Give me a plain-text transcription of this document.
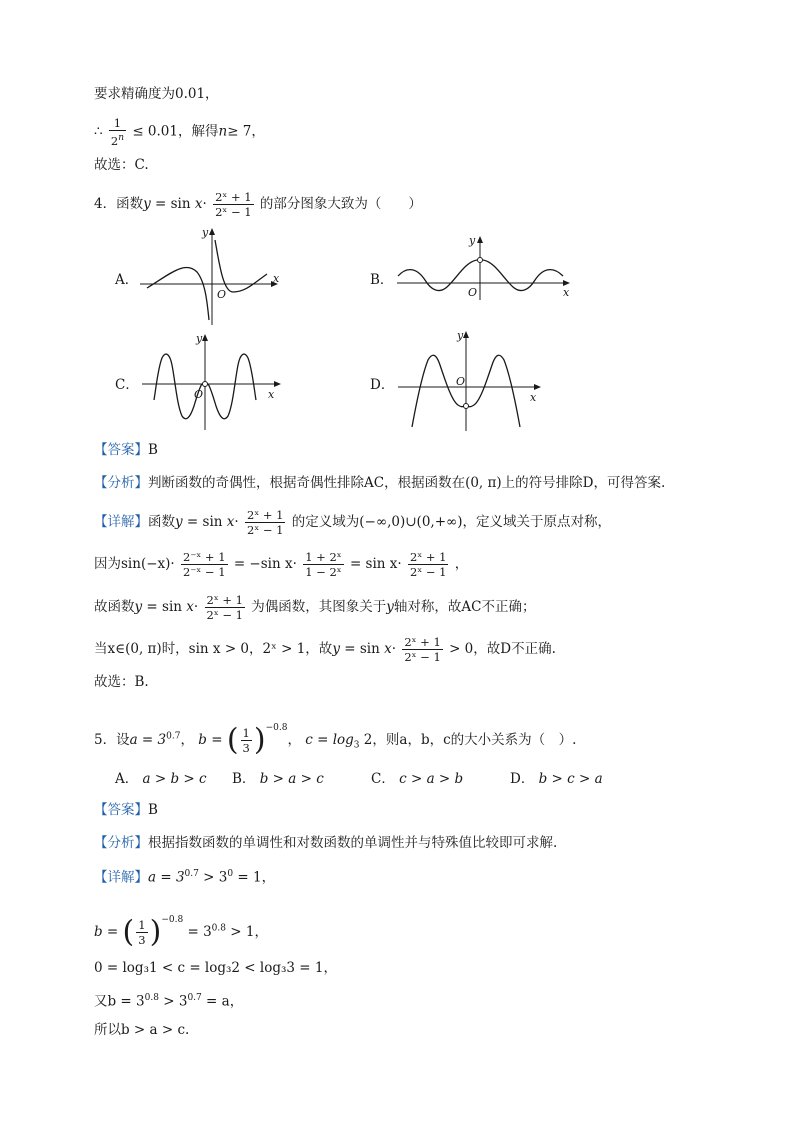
要求精确度为0.01，
∴ $\frac{1}{2^n} \le 0.01$，解得n≥ 7，
故选：C.
4．函数$y = \sin x\cdot \frac{\text{2ˣ + 1}}{\text{2ˣ − 1}}$ 的部分图象大致为（　　）
A．	B．
C．	D．
x
y
O	x
y
O
x
y
O	x
y
O
【答案】B
【分析】判断函数的奇偶性，根据奇偶性排除AC，根据函数在(0, π)上的符号排除D，可得答案.
【详解】函数$y = \sin x\cdot \frac{\text{2ˣ + 1}}{\text{2ˣ − 1}}$ 的定义域为(−∞,0)∪(0,+∞)，定义域关于原点对称，
因为$\sin(-x)\cdot \frac{\text{2⁻ˣ + 1}}{\text{2⁻ˣ − 1}} = -\sin$ $x\cdot \frac{\text{1 + 2ˣ}}{\text{1 − 2ˣ}} = \sin x\cdot \frac{\text{2ˣ + 1}}{\text{2ˣ − 1}}$ ，
故函数$y = \sin x\cdot \frac{\text{2ˣ + 1}}{\text{2ˣ − 1}}$ 为偶函数，其图象关于y轴对称，故AC不正确；
当x∈(0, π)时，sin x > 0，2ˣ > 1，故$y = \sin x\cdot \frac{\text{2ˣ + 1}}{\text{2ˣ − 1}} > 0$，故D不正确.
故选：B.
5．设$a = 3^{0.7}$， b = ( $\frac{1}{3} )^{-0.8}$， $c = \log_3 2$，则a，b，c的大小关系为（　）.
A． a > b > c B． b > a > c	C． c > a > b	D． b > c > a
【答案】B
【分析】根据指数函数的单调性和对数函数的单调性并与特殊值比较即可求解.
【详解】$a = 3^{0.7} > 3^0 = 1$，
b = ( $\frac{1}{3} )^{-0.8} = 3^{0.8} > 1$，
0 = log₃1 < c = log₃2 < log₃3 = 1，
又$b = 3^{0.8} > 3^{0.7} = a$，
所以b > a > c.
